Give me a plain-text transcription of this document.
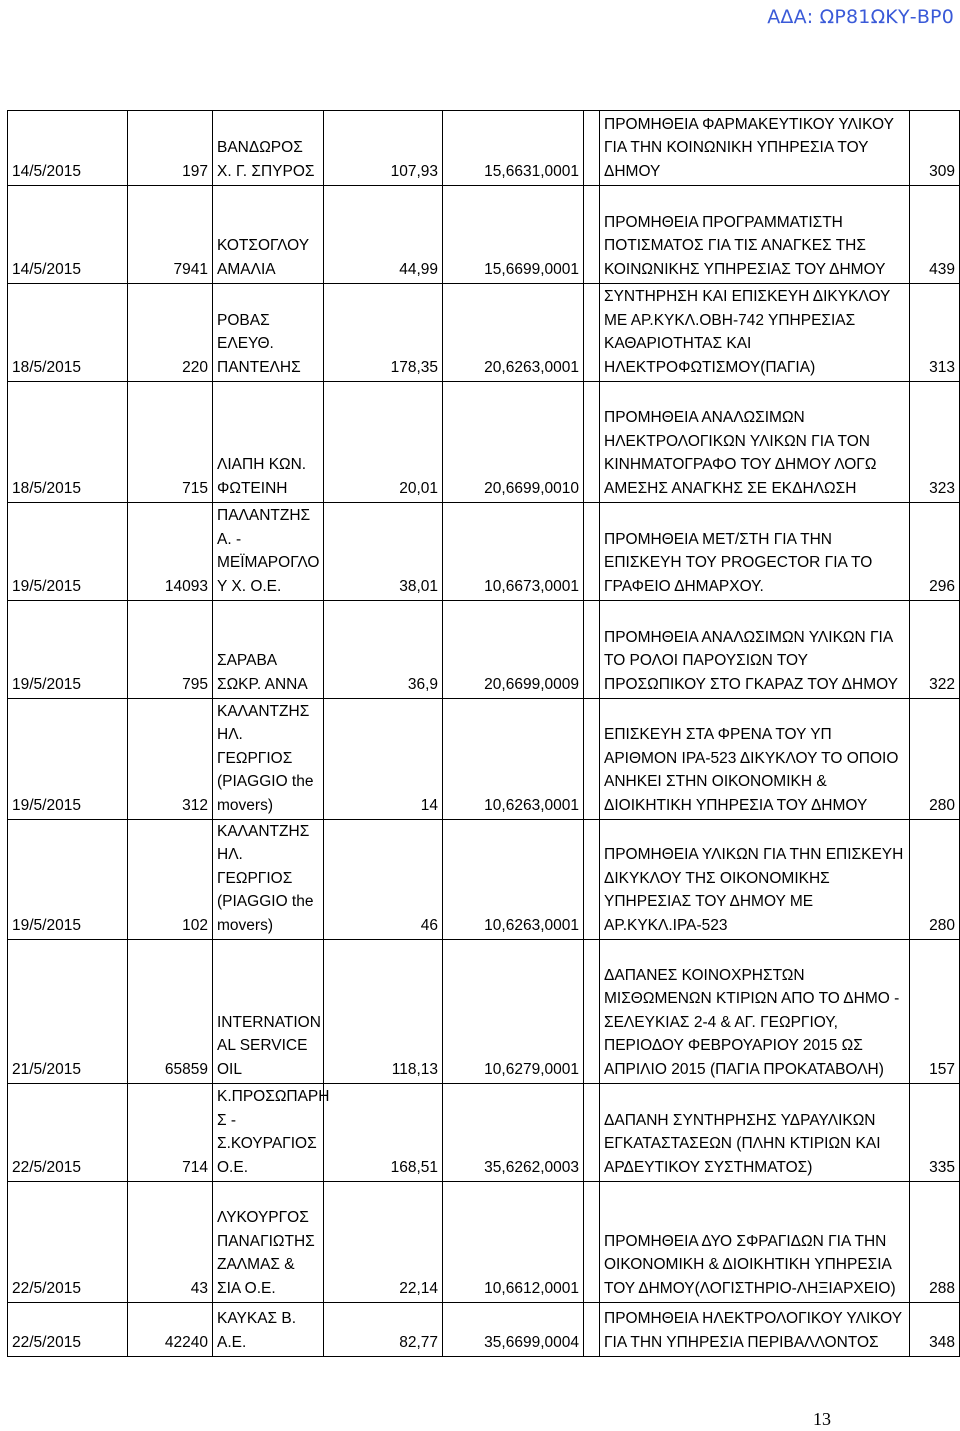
ΑΔΑ: ΩΡ81ΩΚΥ-ΒΡ0
14/5/2015	197	ΒΑΝΔΩΡΟΣ Χ. Γ. ΣΠΥΡΟΣ	107,93	15,6631,0001		ΠΡΟΜΗΘΕΙΑ ΦΑΡΜΑΚΕΥΤΙΚΟΥ ΥΛΙΚΟΥ ΓΙΑ ΤΗΝ ΚΟΙΝΩΝΙΚΗ ΥΠΗΡΕΣΙΑ ΤΟΥ ΔΗΜΟΥ	309
14/5/2015	7941	ΚΟΤΣΟΓΛΟΥ ΑΜΑΛΙΑ	44,99	15,6699,0001		ΠΡΟΜΗΘΕΙΑ ΠΡΟΓΡΑΜΜΑΤΙΣΤΗ ΠΟΤΙΣΜΑΤΟΣ ΓΙΑ ΤΙΣ ΑΝΑΓΚΕΣ ΤΗΣ ΚΟΙΝΩΝΙΚΗΣ ΥΠΗΡΕΣΙΑΣ ΤΟΥ ΔΗΜΟΥ	439
18/5/2015	220	ΡΟΒΑΣ ΕΛΕΥΘ. ΠΑΝΤΕΛΗΣ	178,35	20,6263,0001		ΣΥΝΤΗΡΗΣΗ ΚΑΙ ΕΠΙΣΚΕΥΗ ΔΙΚΥΚΛΟΥ ΜΕ ΑΡ.ΚΥΚΛ.ΟΒΗ-742 ΥΠΗΡΕΣΙΑΣ ΚΑΘΑΡΙΟΤΗΤΑΣ ΚΑΙ ΗΛΕΚΤΡΟΦΩΤΙΣΜΟΥ(ΠΑΓΙΑ)	313
18/5/2015	715	ΛΙΑΠΗ ΚΩΝ. ΦΩΤΕΙΝΗ	20,01	20,6699,0010		ΠΡΟΜΗΘΕΙΑ ΑΝΑΛΩΣΙΜΩΝ ΗΛΕΚΤΡΟΛΟΓΙΚΩΝ ΥΛΙΚΩΝ ΓΙΑ ΤΟΝ ΚΙΝΗΜΑΤΟΓΡΑΦΟ ΤΟΥ ΔΗΜΟΥ ΛΟΓΩ ΑΜΕΣΗΣ ΑΝΑΓΚΗΣ ΣΕ ΕΚΔΗΛΩΣΗ	323
19/5/2015	14093	ΠΑΛΑΝΤΖΗΣ Α. - ΜΕΪΜΑΡΟΓΛΟ Υ Χ. Ο.Ε.	38,01	10,6673,0001		ΠΡΟΜΗΘΕΙΑ ΜΕΤ/ΣΤΗ ΓΙΑ ΤΗΝ ΕΠΙΣΚΕΥΗ ΤΟΥ PROGECTOR ΓΙΑ ΤΟ ΓΡΑΦΕΙΟ ΔΗΜΑΡΧΟΥ.	296
19/5/2015	795	ΣΑΡΑΒΑ ΣΩΚΡ. ΑΝΝΑ	36,9	20,6699,0009		ΠΡΟΜΗΘΕΙΑ ΑΝΑΛΩΣΙΜΩΝ ΥΛΙΚΩΝ ΓΙΑ ΤΟ ΡΟΛΟΙ ΠΑΡΟΥΣΙΩΝ ΤΟΥ ΠΡΟΣΩΠΙΚΟΥ ΣΤΟ ΓΚΑΡΑΖ ΤΟΥ ΔΗΜΟΥ	322
19/5/2015	312	ΚΑΛΑΝΤΖΗΣ ΗΛ. ΓΕΩΡΓΙΟΣ (PIAGGIO the movers)	14	10,6263,0001		ΕΠΙΣΚΕΥΗ ΣΤΑ ΦΡΕΝΑ ΤΟΥ ΥΠ ΑΡΙΘΜΟΝ ΙΡΑ-523 ΔΙΚΥΚΛΟΥ ΤΟ ΟΠΟΙΟ ΑΝΗΚΕΙ ΣΤΗΝ ΟΙΚΟΝΟΜΙΚΗ & ΔΙΟΙΚΗΤΙΚΗ ΥΠΗΡΕΣΙΑ ΤΟΥ ΔΗΜΟΥ	280
19/5/2015	102	ΚΑΛΑΝΤΖΗΣ ΗΛ. ΓΕΩΡΓΙΟΣ (PIAGGIO the movers)	46	10,6263,0001		ΠΡΟΜΗΘΕΙΑ ΥΛΙΚΩΝ ΓΙΑ ΤΗΝ ΕΠΙΣΚΕΥΗ ΔΙΚΥΚΛΟΥ ΤΗΣ ΟΙΚΟΝΟΜΙΚΗΣ ΥΠΗΡΕΣΙΑΣ ΤΟΥ ΔΗΜΟΥ ΜΕ ΑΡ.ΚΥΚΛ.ΙΡΑ-523	280
21/5/2015	65859	INTERNATION AL SERVICE OIL	118,13	10,6279,0001		ΔΑΠΑΝΕΣ ΚΟΙΝΟΧΡΗΣΤΩΝ ΜΙΣΘΩΜΕΝΩΝ ΚΤΙΡΙΩΝ ΑΠΟ ΤΟ ΔΗΜΟ - ΣΕΛΕΥΚΙΑΣ 2-4 & ΑΓ. ΓΕΩΡΓΙΟΥ, ΠΕΡΙΟΔΟΥ ΦΕΒΡΟΥΑΡΙΟΥ 2015 ΩΣ ΑΠΡΙΛΙΟ 2015 (ΠΑΓΙΑ ΠΡΟΚΑΤΑΒΟΛΗ)	157
22/5/2015	714	Κ.ΠΡΟΣΩΠΑΡΗ Σ - Σ.ΚΟΥΡΑΓΙΟΣ Ο.Ε.	168,51	35,6262,0003		ΔΑΠΑΝΗ ΣΥΝΤΗΡΗΣΗΣ ΥΔΡΑΥΛΙΚΩΝ ΕΓΚΑΤΑΣΤΑΣΕΩΝ (ΠΛΗΝ ΚΤΙΡΙΩΝ ΚΑΙ ΑΡΔΕΥΤΙΚΟΥ ΣΥΣΤΗΜΑΤΟΣ)	335
22/5/2015	43	ΛΥΚΟΥΡΓΟΣ ΠΑΝΑΓΙΩΤΗΣ ΖΑΛΜΑΣ & ΣΙΑ Ο.Ε.	22,14	10,6612,0001		ΠΡΟΜΗΘΕΙΑ ΔΥΟ ΣΦΡΑΓΙΔΩΝ ΓΙΑ ΤΗΝ ΟΙΚΟΝΟΜΙΚΗ & ΔΙΟΙΚΗΤΙΚΗ ΥΠΗΡΕΣΙΑ ΤΟΥ ΔΗΜΟΥ(ΛΟΓΙΣΤΗΡΙΟ-ΛΗΞΙΑΡΧΕΙΟ)	288
22/5/2015	42240	ΚΑΥΚΑΣ Β. Α.Ε.	82,77	35,6699,0004		ΠΡΟΜΗΘΕΙΑ ΗΛΕΚΤΡΟΛΟΓΙΚΟΥ ΥΛΙΚΟΥ ΓΙΑ ΤΗΝ ΥΠΗΡΕΣΙΑ ΠΕΡΙΒΑΛΛΟΝΤΟΣ	348
13
